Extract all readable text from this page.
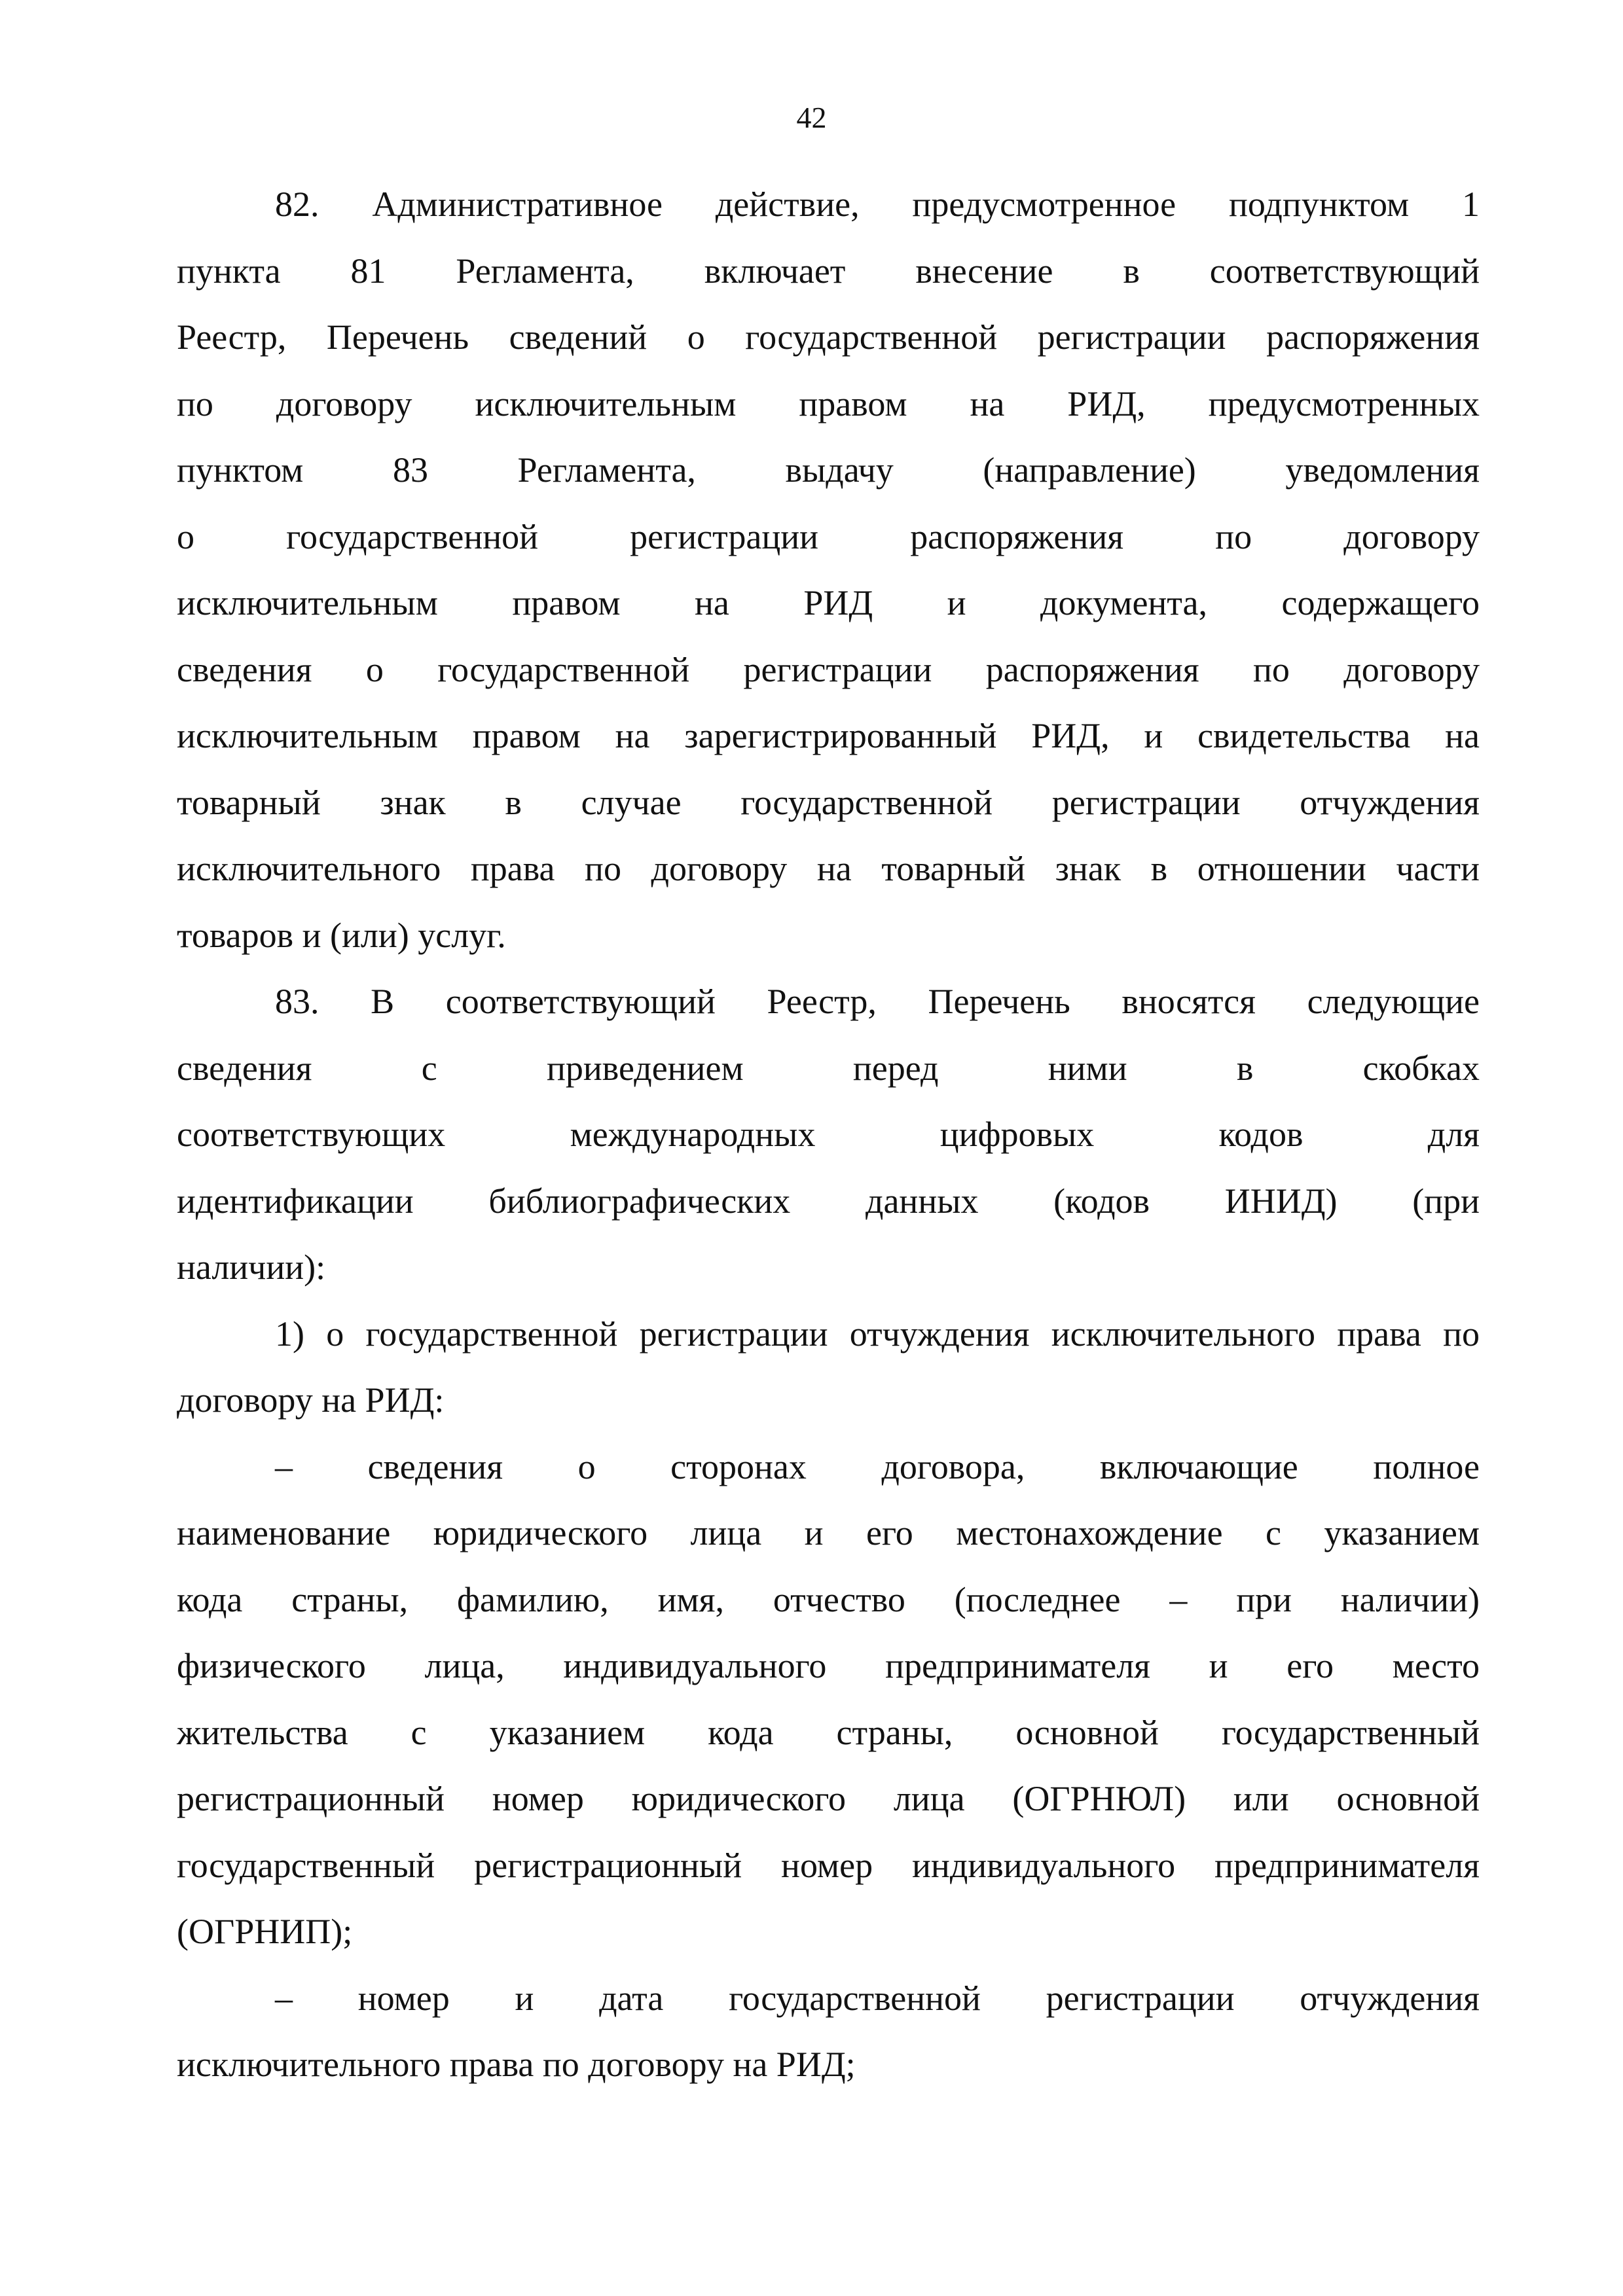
42

82. Административное действие, предусмотренное подпунктом 1
пункта 81 Регламента, включает внесение в соответствующий
Реестр, Перечень сведений о государственной регистрации распоряжения
по договору исключительным правом на РИД, предусмотренных
пунктом 83 Регламента, выдачу (направление) уведомления
о государственной регистрации распоряжения по договору
исключительным правом на РИД и документа, содержащего
сведения о государственной регистрации распоряжения по договору
исключительным правом на зарегистрированный РИД, и свидетельства на
товарный знак в случае государственной регистрации отчуждения
исключительного права по договору на товарный знак в отношении части
товаров и (или) услуг.

83. В соответствующий Реестр, Перечень вносятся следующие
сведения с приведением перед ними в скобках
соответствующих международных цифровых кодов для
идентификации библиографических данных (кодов ИНИД) (при
наличии):

1) о государственной регистрации отчуждения исключительного права по
договору на РИД:

– сведения о сторонах договора, включающие полное
наименование юридического лица и его местонахождение с указанием
кода страны, фамилию, имя, отчество (последнее – при наличии)
физического лица, индивидуального предпринимателя и его место
жительства с указанием кода страны, основной государственный
регистрационный номер юридического лица (ОГРНЮЛ) или основной
государственный регистрационный номер индивидуального предпринимателя
(ОГРНИП);

– номер и дата государственной регистрации отчуждения
исключительного права по договору на РИД;
